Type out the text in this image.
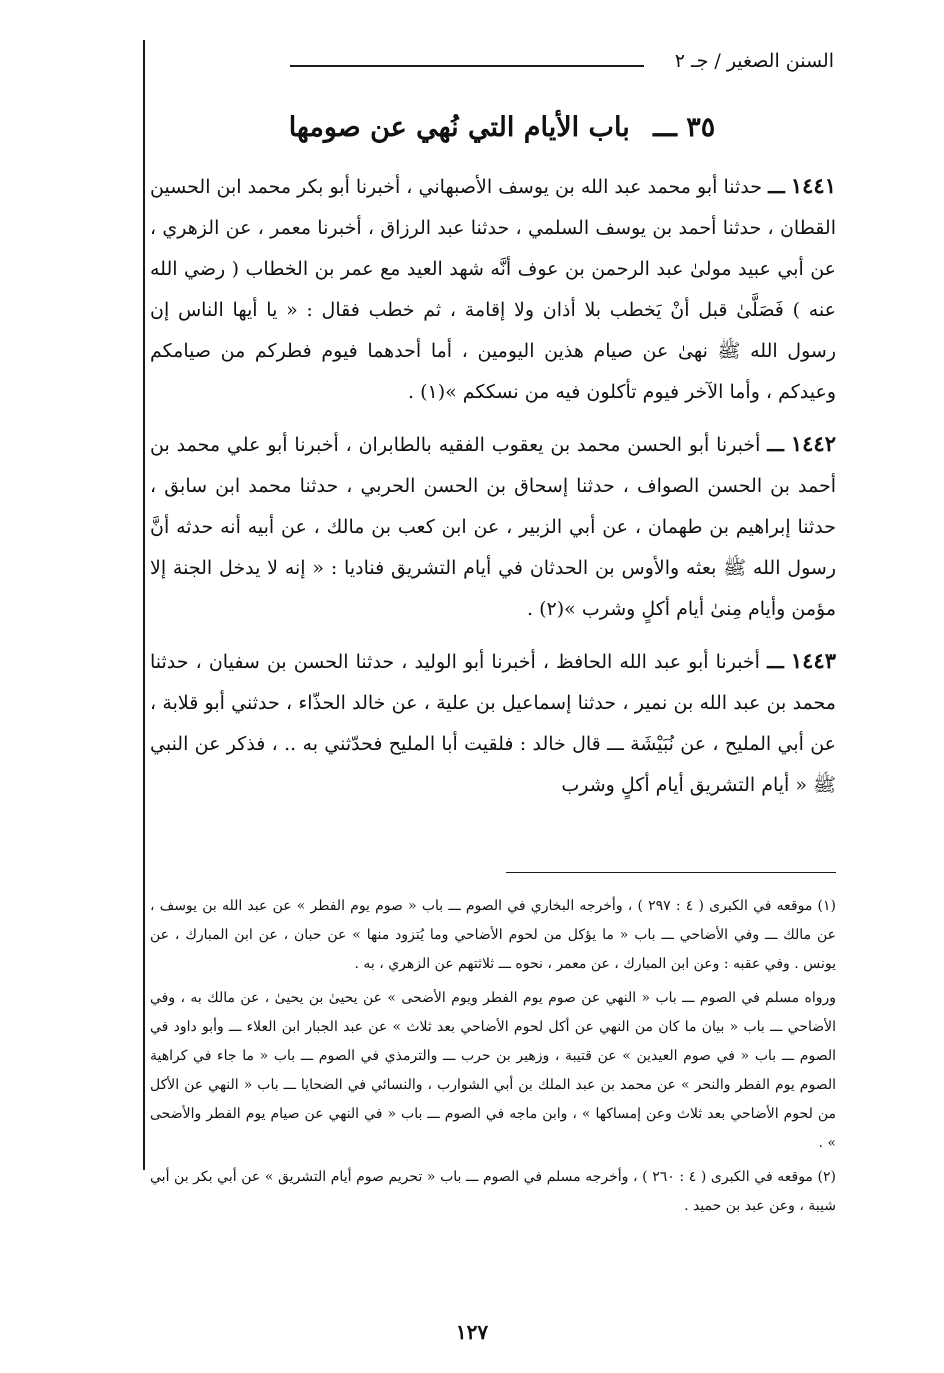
السنن الصغير / جـ ٢
٣٥ ـــ باب الأيام التي نُهي عن صومها

١٤٤١ ـــ حدثنا أبو محمد عبد الله بن يوسف الأصبهاني ، أخبرنا أبو بكر محمد ابن الحسين القطان ، حدثنا أحمد بن يوسف السلمي ، حدثنا عبد الرزاق ، أخبرنا معمر ، عن الزهري ، عن أبي عبيد مولىٰ عبد الرحمن بن عوف أنَّه شهد العيد مع عمر بن الخطاب ( رضي الله عنه ) فَصَلَّىٰ قبل أنْ يَخطب بلا أذان ولا إقامة ، ثم خطب فقال : « يا أيها الناس إن رسول الله ﷺ نهىٰ عن صيام هذين اليومين ، أما أحدهما فيوم فطركم من صيامكم وعيدكم ، وأما الآخر فيوم تأكلون فيه من نسككم »(١) .

١٤٤٢ ـــ أخبرنا أبو الحسن محمد بن يعقوب الفقيه بالطابران ، أخبرنا أبو علي محمد بن أحمد بن الحسن الصواف ، حدثنا إسحاق بن الحسن الحربي ، حدثنا محمد ابن سابق ، حدثنا إبراهيم بن طهمان ، عن أبي الزبير ، عن ابن كعب بن مالك ، عن أبيه أنه حدثه أنَّ رسول الله ﷺ بعثه والأوس بن الحدثان في أيام التشريق فناديا : « إنه لا يدخل الجنة إلا مؤمن وأيام مِنىٰ أيام أكلٍ وشرب »(٢) .

١٤٤٣ ـــ أخبرنا أبو عبد الله الحافظ ، أخبرنا أبو الوليد ، حدثنا الحسن بن سفيان ، حدثنا محمد بن عبد الله بن نمير ، حدثنا إسماعيل بن علية ، عن خالد الحذّاء ، حدثني أبو قلابة ، عن أبي المليح ، عن نُبَيْشَة ـــ قال خالد : فلقيت أبا المليح فحدّثني به .. ، فذكر عن النبي ﷺ « أيام التشريق أيام أكلٍ وشرب

(١) موقعه في الكبرى ( ٤ : ٢٩٧ ) ، وأخرجه البخاري في الصوم ـــ باب « صوم يوم الفطر » عن عبد الله بن يوسف ، عن مالك ـــ وفي الأضاحي ـــ باب « ما يؤكل من لحوم الأضاحي وما يُتزود منها » عن حبان ، عن ابن المبارك ، عن يونس . وفي عقبه : وعن ابن المبارك ، عن معمر ، نحوه ـــ ثلاثتهم عن الزهري ، به .

ورواه مسلم في الصوم ـــ باب « النهي عن صوم يوم الفطر ويوم الأضحى » عن يحيىٰ بن يحيىٰ ، عن مالك به ، وفي الأضاحي ـــ باب « بيان ما كان من النهي عن أكل لحوم الأضاحي بعد ثلاث » عن عبد الجبار ابن العلاء ـــ وأبو داود في الصوم ـــ باب « في صوم العيدين » عن قتيبة ، وزهير بن حرب ـــ والترمذي في الصوم ـــ باب « ما جاء في كراهية الصوم يوم الفطر والنحر » عن محمد بن عبد الملك بن أبي الشوارب ، والنسائي في الضحايا ـــ باب « النهي عن الأكل من لحوم الأضاحي بعد ثلاث وعن إمساكها » ، وابن ماجه في الصوم ـــ باب « في النهي عن صيام يوم الفطر والأضحى » .

(٢) موقعه في الكبرى ( ٤ : ٢٦٠ ) ، وأخرجه مسلم في الصوم ـــ باب « تحريم صوم أيام التشريق » عن أبي بكر بن أبي شيبة ، وعن عبد بن حميد .

١٢٧
